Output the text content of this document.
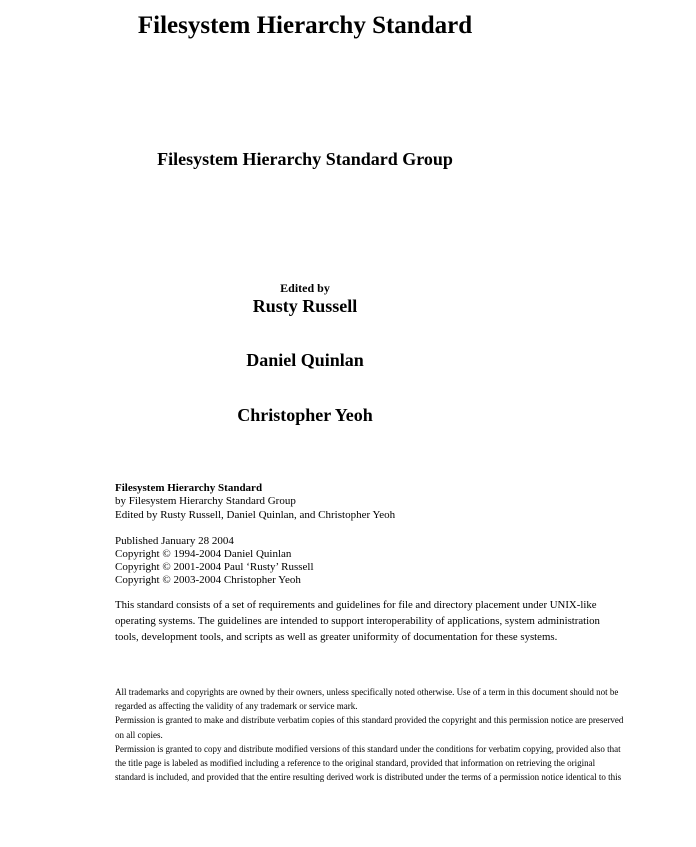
Filesystem Hierarchy Standard
Filesystem Hierarchy Standard Group
Edited by
Rusty Russell
Daniel Quinlan
Christopher Yeoh
Filesystem Hierarchy Standard
by Filesystem Hierarchy Standard Group
Edited by Rusty Russell, Daniel Quinlan, and Christopher Yeoh
Published January 28 2004
Copyright © 1994-2004 Daniel Quinlan
Copyright © 2001-2004 Paul ‘Rusty’ Russell
Copyright © 2003-2004 Christopher Yeoh
This standard consists of a set of requirements and guidelines for file and directory placement under UNIX-like
operating systems. The guidelines are intended to support interoperability of applications, system administration
tools, development tools, and scripts as well as greater uniformity of documentation for these systems.
All trademarks and copyrights are owned by their owners, unless specifically noted otherwise. Use of a term in this document should not be
regarded as affecting the validity of any trademark or service mark.
Permission is granted to make and distribute verbatim copies of this standard provided the copyright and this permission notice are preserved
on all copies.
Permission is granted to copy and distribute modified versions of this standard under the conditions for verbatim copying, provided also that
the title page is labeled as modified including a reference to the original standard, provided that information on retrieving the original
standard is included, and provided that the entire resulting derived work is distributed under the terms of a permission notice identical to this
